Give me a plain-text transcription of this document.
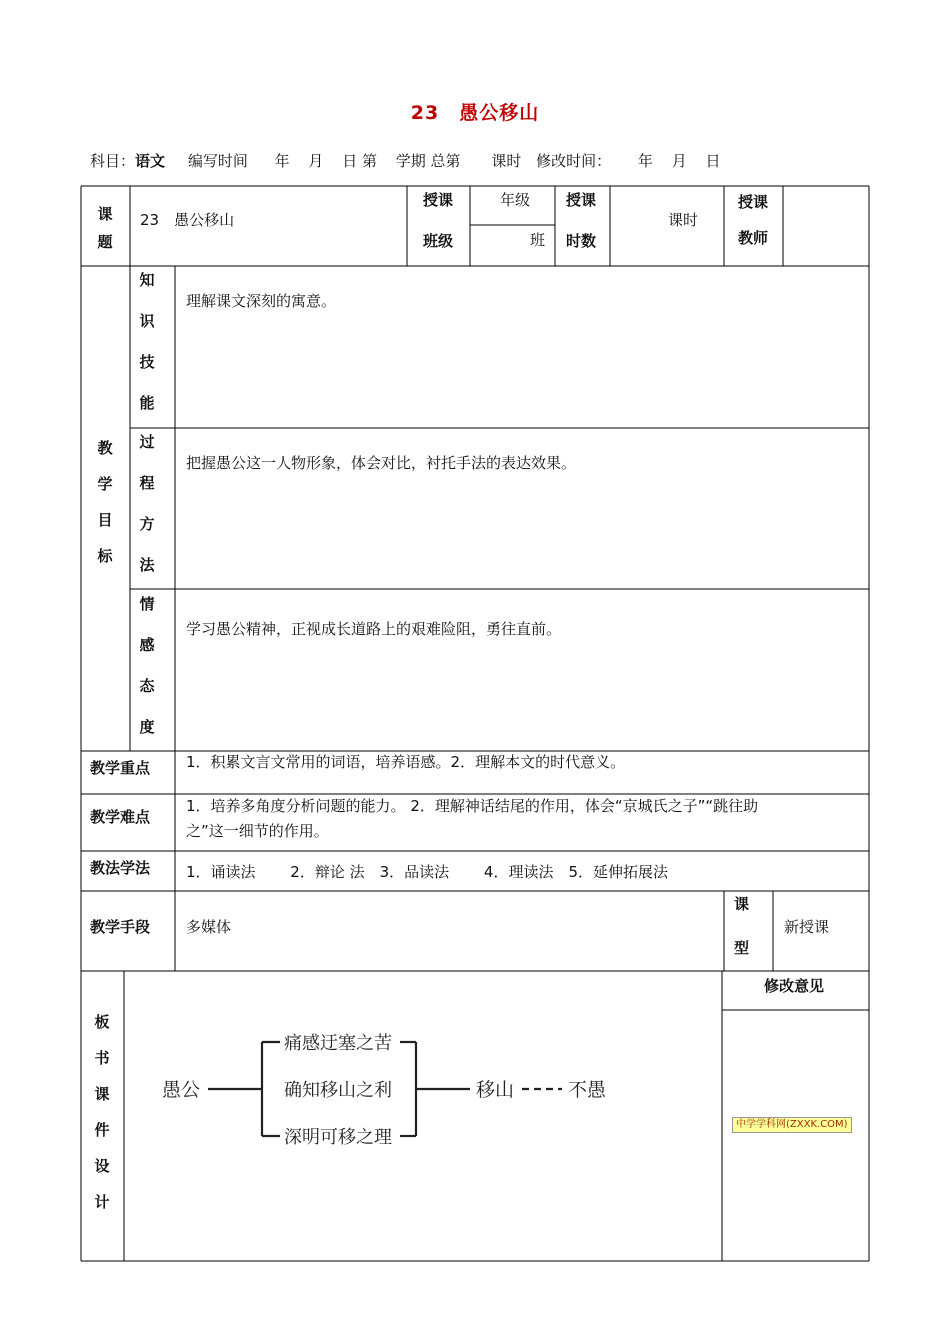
23　愚公移山
科目：语文 编写时间 年 月 日 第 学期 总第 课时 修改时间： 年 月 日
课
题
23　愚公移山
授课
班级
年级
班
授课
时数
课时
授课
教师
教
学
目
标
知
识
技
能
理解课文深刻的寓意。
过
程
方
法
把握愚公这一人物形象，体会对比，衬托手法的表达效果。
情
感
态
度
学习愚公精神，正视成长道路上的艰难险阻，勇往直前。
教学重点 1．积累文言文常用的词语，培养语感。2．理解本文的时代意义。
教学难点
1．培养多角度分析问题的能力。 2．理解神话结尾的作用，体会“京城氏之子”“跳往助
之”这一细节的作用。
教法学法 1．诵读法　　 2．辩论 法　3．品读法　　 4．理读法　5．延伸拓展法
教学手段 多媒体
课
型
新授课
板
书
课
件
设
计
修改意见
愚公
痛感迂塞之苦
确知移山之利
深明可移之理
移山	不愚
中学学科网(ZXXK.COM)
